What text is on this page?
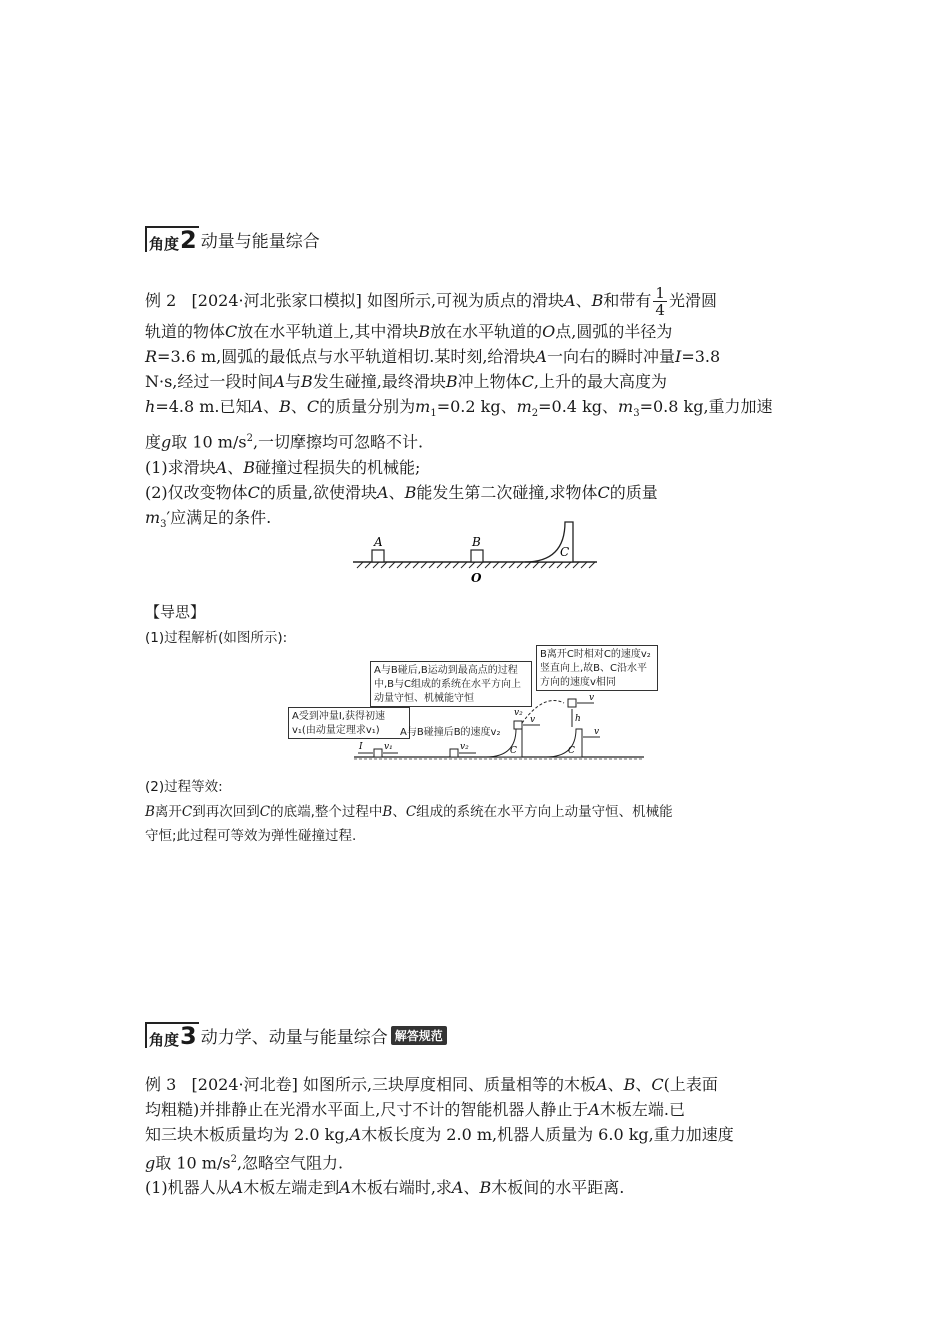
角度 2 动量与能量综合
例 2 [2024·河北张家口模拟] 如图所示,可视为质点的滑块A、B和带有 $\frac{1}{4}$ 光滑圆
轨道的物体C放在水平轨道上,其中滑块B放在水平轨道的O点,圆弧的半径为
R=3.6 m,圆弧的最低点与水平轨道相切.某时刻,给滑块A一向右的瞬时冲量I=3.8
N·s,经过一段时间A与B发生碰撞,最终滑块B冲上物体C,上升的最大高度为
h=4.8 m.已知A、B、C的质量分别为$m_1=0.2$ kg、$m_2=0.4$ kg、$m_3=0.8$ kg,重力加速
度g取 10 $m/s^2$,一切摩擦均可忽略不计.
(1)求滑块A、B碰撞过程损失的机械能;
(2)仅改变物体C的质量,欲使滑块A、B能发生第二次碰撞,求物体C的质量
$m_3'$应满足的条件.
A	B
O
C
【导思】
(1)过程解析(如图所示):
A受到冲量I,获得初速v₁(由动量定理求v₁)
A与B碰后,B运动到最高点的过程中,B与C组成的系统在水平方向上动量守恒、机械能守恒
B离开C时相对C的速度v₂竖直向上,故B、C沿水平方向的速度v相同
A与B碰撞后B的速度v₂
I v₁	v₂
v
C
v₂
h
v
v
C
(2)过程等效:
B离开C到再次回到C的底端,整个过程中B、C组成的系统在水平方向上动量守恒、机械能
守恒;此过程可等效为弹性碰撞过程.
角度 3 动力学、动量与能量综合 解答规范
例 3 [2024·河北卷] 如图所示,三块厚度相同、质量相等的木板A、B、C(上表面
均粗糙)并排静止在光滑水平面上,尺寸不计的智能机器人静止于A木板左端.已
知三块木板质量均为 2.0 kg,A木板长度为 2.0 m,机器人质量为 6.0 kg,重力加速度
g取 10 $m/s^2$,忽略空气阻力.
(1)机器人从A木板左端走到A木板右端时,求A、B木板间的水平距离.
